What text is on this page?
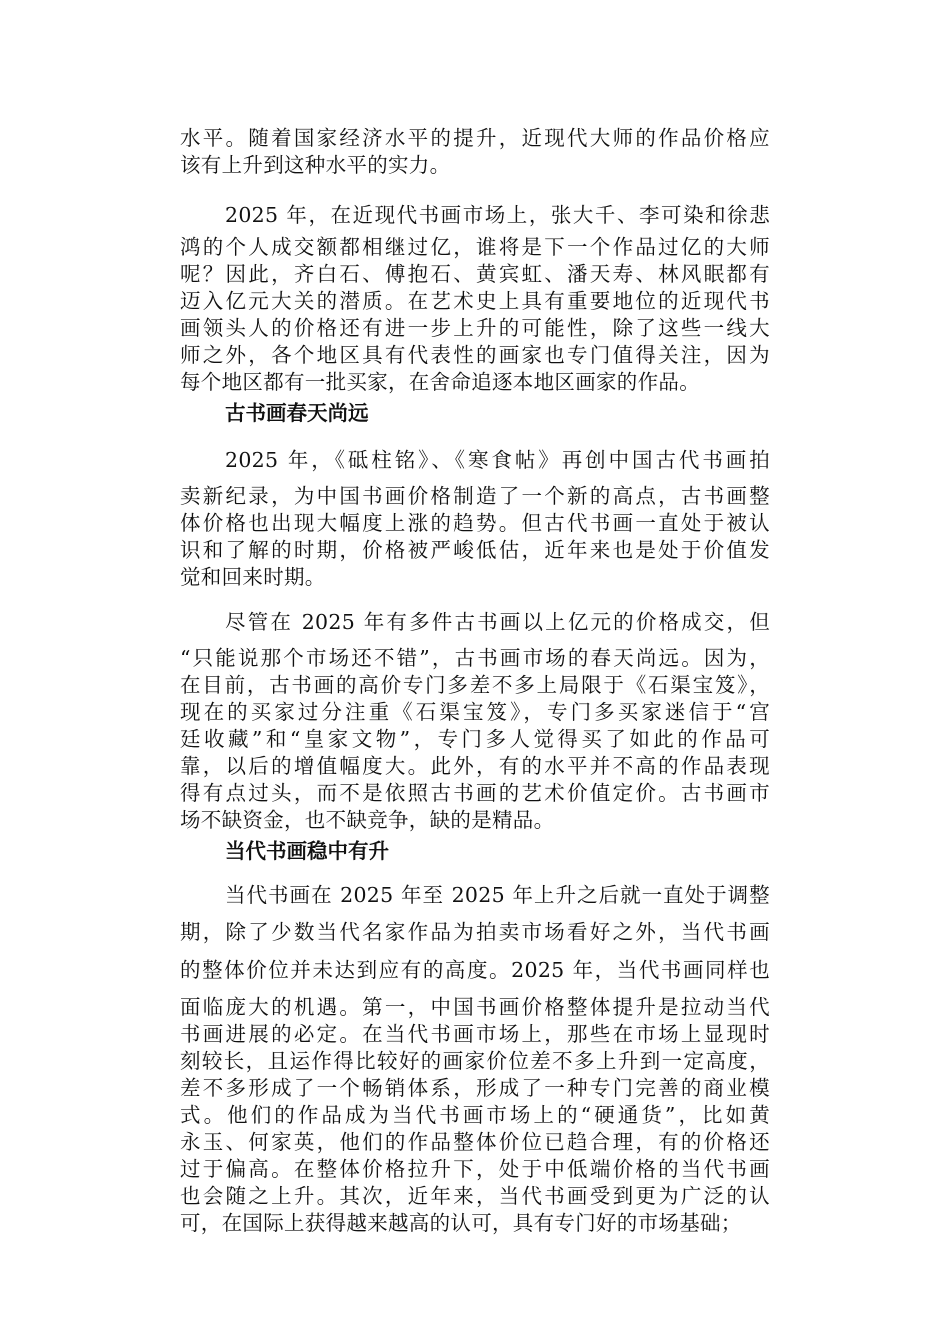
水平。随着国家经济水平的提升，近现代大师的作品价格应
该有上升到这种水平的实力。
2025 年，在近现代书画市场上，张大千、李可染和徐悲
鸿的个人成交额都相继过亿，谁将是下一个作品过亿的大师
呢？因此，齐白石、傅抱石、黄宾虹、潘天寿、林风眠都有
迈入亿元大关的潜质。在艺术史上具有重要地位的近现代书
画领头人的价格还有进一步上升的可能性，除了这些一线大
师之外，各个地区具有代表性的画家也专门值得关注，因为
每个地区都有一批买家，在舍命追逐本地区画家的作品。
古书画春天尚远
2025 年，《砥柱铭》、《寒食帖》再创中国古代书画拍
卖新纪录，为中国书画价格制造了一个新的高点，古书画整
体价格也出现大幅度上涨的趋势。但古代书画一直处于被认
识和了解的时期，价格被严峻低估，近年来也是处于价值发
觉和回来时期。
尽管在 2025 年有多件古书画以上亿元的价格成交，但
“只能说那个市场还不错”，古书画市场的春天尚远。因为，
在目前，古书画的高价专门多差不多上局限于《石渠宝笈》，
现在的买家过分注重《石渠宝笈》，专门多买家迷信于“宫
廷收藏”和“皇家文物”，专门多人觉得买了如此的作品可
靠，以后的增值幅度大。此外，有的水平并不高的作品表现
得有点过头，而不是依照古书画的艺术价值定价。古书画市
场不缺资金，也不缺竞争，缺的是精品。
当代书画稳中有升
当代书画在 2025 年至 2025 年上升之后就一直处于调整
期，除了少数当代名家作品为拍卖市场看好之外，当代书画
的整体价位并未达到应有的高度。2025 年，当代书画同样也
面临庞大的机遇。第一，中国书画价格整体提升是拉动当代
书画进展的必定。在当代书画市场上，那些在市场上显现时
刻较长，且运作得比较好的画家价位差不多上升到一定高度，
差不多形成了一个畅销体系，形成了一种专门完善的商业模
式。他们的作品成为当代书画市场上的“硬通货”，比如黄
永玉、何家英，他们的作品整体价位已趋合理，有的价格还
过于偏高。在整体价格拉升下，处于中低端价格的当代书画
也会随之上升。其次，近年来，当代书画受到更为广泛的认
可，在国际上获得越来越高的认可，具有专门好的市场基础；
